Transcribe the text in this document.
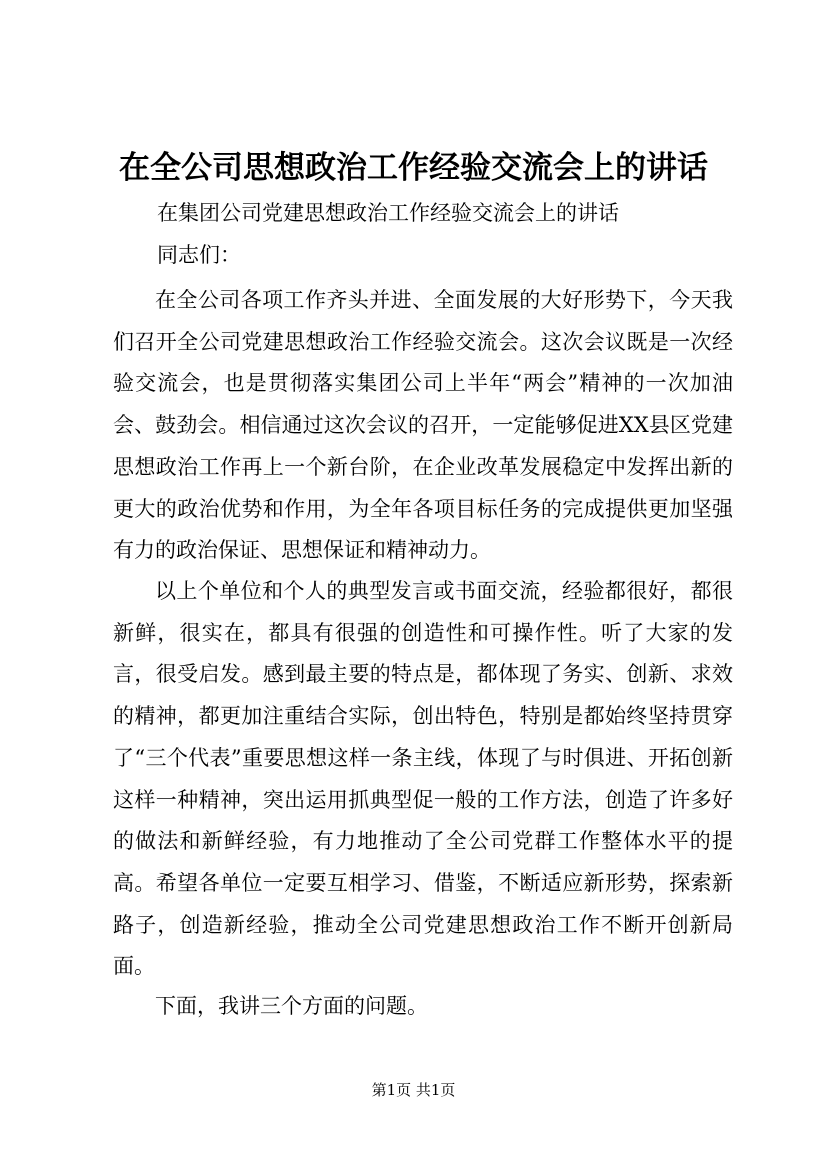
在全公司思想政治工作经验交流会上的讲话
在集团公司党建思想政治工作经验交流会上的讲话
同志们：

在全公司各项工作齐头并进、全面发展的大好形势下，今天我们召开全公司党建思想政治工作经验交流会。这次会议既是一次经验交流会，也是贯彻落实集团公司上半年“两会”精神的一次加油会、鼓劲会。相信通过这次会议的召开，一定能够促进XX县区党建思想政治工作再上一个新台阶，在企业改革发展稳定中发挥出新的更大的政治优势和作用，为全年各项目标任务的完成提供更加坚强有力的政治保证、思想保证和精神动力。

以上个单位和个人的典型发言或书面交流，经验都很好，都很新鲜，很实在，都具有很强的创造性和可操作性。听了大家的发言，很受启发。感到最主要的特点是，都体现了务实、创新、求效的精神，都更加注重结合实际，创出特色，特别是都始终坚持贯穿了“三个代表”重要思想这样一条主线，体现了与时俱进、开拓创新这样一种精神，突出运用抓典型促一般的工作方法，创造了许多好的做法和新鲜经验，有力地推动了全公司党群工作整体水平的提高。希望各单位一定要互相学习、借鉴，不断适应新形势，探索新路子，创造新经验，推动全公司党建思想政治工作不断开创新局面。

下面，我讲三个方面的问题。

第1页 共1页
